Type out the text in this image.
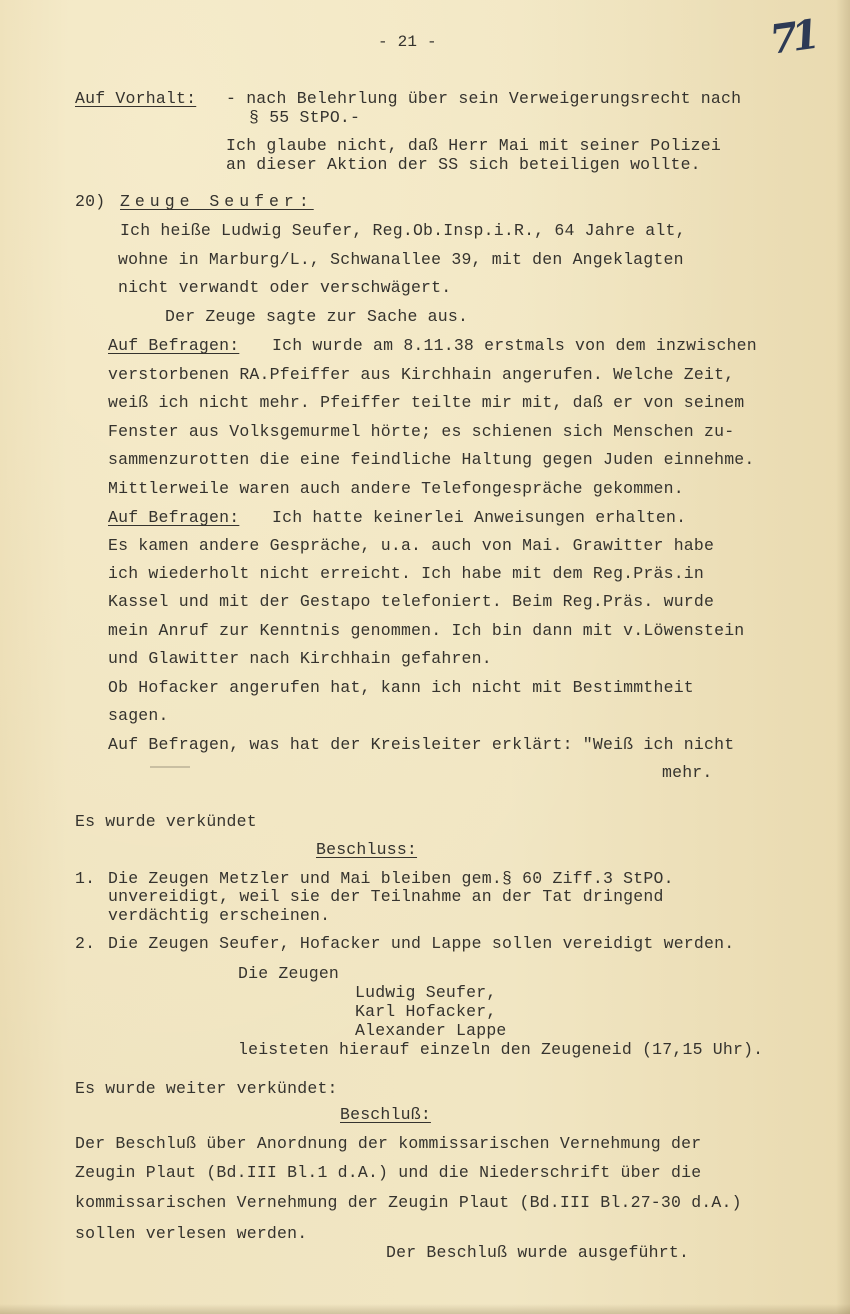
- 21 -	71
Auf Vorhalt: - nach Belehrlung über sein Verweigerungsrecht nach
§ 55 StPO.-
Ich glaube nicht, daß Herr Mai mit seiner Polizei
an dieser Aktion der SS sich beteiligen wollte.
20) Zeuge Seufer:
Ich heiße Ludwig Seufer, Reg.Ob.Insp.i.R., 64 Jahre alt,
wohne in Marburg/L., Schwanallee 39, mit den Angeklagten
nicht verwandt oder verschwägert.
Der Zeuge sagte zur Sache aus.
Auf Befragen: Ich wurde am 8.11.38 erstmals von dem inzwischen
verstorbenen RA.Pfeiffer aus Kirchhain angerufen. Welche Zeit,
weiß ich nicht mehr. Pfeiffer teilte mir mit, daß er von seinem
Fenster aus Volksgemurmel hörte; es schienen sich Menschen zu-
sammenzurotten die eine feindliche Haltung gegen Juden einnehme.
Mittlerweile waren auch andere Telefongespräche gekommen.
Auf Befragen: Ich hatte keinerlei Anweisungen erhalten.
Es kamen andere Gespräche, u.a. auch von Mai. Grawitter habe
ich wiederholt nicht erreicht. Ich habe mit dem Reg.Präs.in
Kassel und mit der Gestapo telefoniert. Beim Reg.Präs. wurde
mein Anruf zur Kenntnis genommen. Ich bin dann mit v.Löwenstein
und Glawitter nach Kirchhain gefahren.
Ob Hofacker angerufen hat, kann ich nicht mit Bestimmtheit
sagen.
Auf Befragen, was hat der Kreisleiter erklärt: "Weiß ich nicht
mehr.
Es wurde verkündet
Beschluss:
1. Die Zeugen Metzler und Mai bleiben gem.§ 60 Ziff.3 StPO.
unvereidigt, weil sie der Teilnahme an der Tat dringend
verdächtig erscheinen.
2. Die Zeugen Seufer, Hofacker und Lappe sollen vereidigt werden.
Die Zeugen
Ludwig Seufer,
Karl Hofacker,
Alexander Lappe
leisteten hierauf einzeln den Zeugeneid (17,15 Uhr).
Es wurde weiter verkündet:
Beschluß:
Der Beschluß über Anordnung der kommissarischen Vernehmung der
Zeugin Plaut (Bd.III Bl.1 d.A.) und die Niederschrift über die
kommissarischen Vernehmung der Zeugin Plaut (Bd.III Bl.27-30 d.A.)
sollen verlesen werden.
Der Beschluß wurde ausgeführt.
